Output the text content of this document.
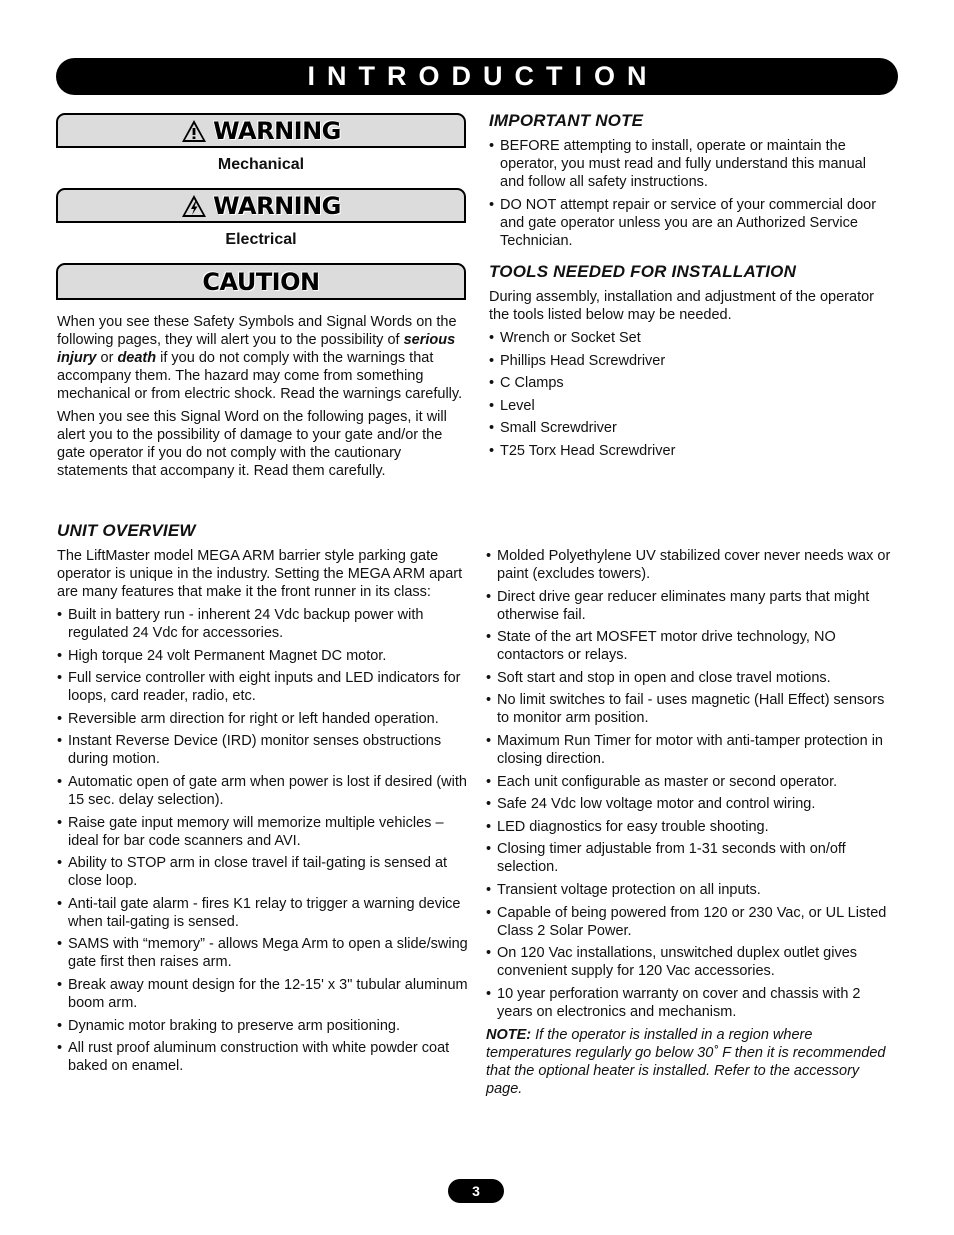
INTRODUCTION
WARNING
Mechanical
WARNING
Electrical
CAUTION
When you see these Safety Symbols and Signal Words on the following pages, they will alert you to the possibility of serious injury or death if you do not comply with the warnings that accompany them. The hazard may come from something mechanical or from electric shock. Read the warnings carefully.
When you see this Signal Word on the following pages, it will alert you to the possibility of damage to your gate and/or the gate operator if you do not comply with the cautionary statements that accompany it. Read them carefully.
IMPORTANT NOTE
• BEFORE attempting to install, operate or maintain the operator, you must read and fully understand this manual and follow all safety instructions.
• DO NOT attempt repair or service of your commercial door and gate operator unless you are an Authorized Service Technician.
TOOLS NEEDED FOR INSTALLATION
During assembly, installation and adjustment of the operator the tools listed below may be needed.
• Wrench or Socket Set
• Phillips Head Screwdriver
• C Clamps
• Level
• Small Screwdriver
• T25 Torx Head Screwdriver
UNIT OVERVIEW
The LiftMaster model MEGA ARM barrier style parking gate operator is unique in the industry. Setting the MEGA ARM apart are many features that make it the front runner in its class:
• Built in battery run - inherent 24 Vdc backup power with regulated 24 Vdc for accessories.
• High torque 24 volt Permanent Magnet DC motor.
• Full service controller with eight inputs and LED indicators for loops, card reader, radio, etc.
• Reversible arm direction for right or left handed operation.
• Instant Reverse Device (IRD) monitor senses obstructions during motion.
• Automatic open of gate arm when power is lost if desired (with 15 sec. delay selection).
• Raise gate input memory will memorize multiple vehicles – ideal for bar code scanners and AVI.
• Ability to STOP arm in close travel if tail-gating is sensed at close loop.
• Anti-tail gate alarm - fires K1 relay to trigger a warning device when tail-gating is sensed.
• SAMS with “memory” - allows Mega Arm to open a slide/swing gate first then raises arm.
• Break away mount design for the 12-15' x 3" tubular aluminum boom arm.
• Dynamic motor braking to preserve arm positioning.
• All rust proof aluminum construction with white powder coat baked on enamel.
• Molded Polyethylene UV stabilized cover never needs wax or paint (excludes towers).
• Direct drive gear reducer eliminates many parts that might otherwise fail.
• State of the art MOSFET motor drive technology, NO contactors or relays.
• Soft start and stop in open and close travel motions.
• No limit switches to fail - uses magnetic (Hall Effect) sensors to monitor arm position.
• Maximum Run Timer for motor with anti-tamper protection in closing direction.
• Each unit configurable as master or second operator.
• Safe 24 Vdc low voltage motor and control wiring.
• LED diagnostics for easy trouble shooting.
• Closing timer adjustable from 1-31 seconds with on/off selection.
• Transient voltage protection on all inputs.
• Capable of being powered from 120 or 230 Vac, or UL Listed Class 2 Solar Power.
• On 120 Vac installations, unswitched duplex outlet gives convenient supply for 120 Vac accessories.
• 10 year perforation warranty on cover and chassis with 2 years on electronics and mechanism.
NOTE: If the operator is installed in a region where temperatures regularly go below 30˚ F then it is recommended that the optional heater is installed. Refer to the accessory page.
3
